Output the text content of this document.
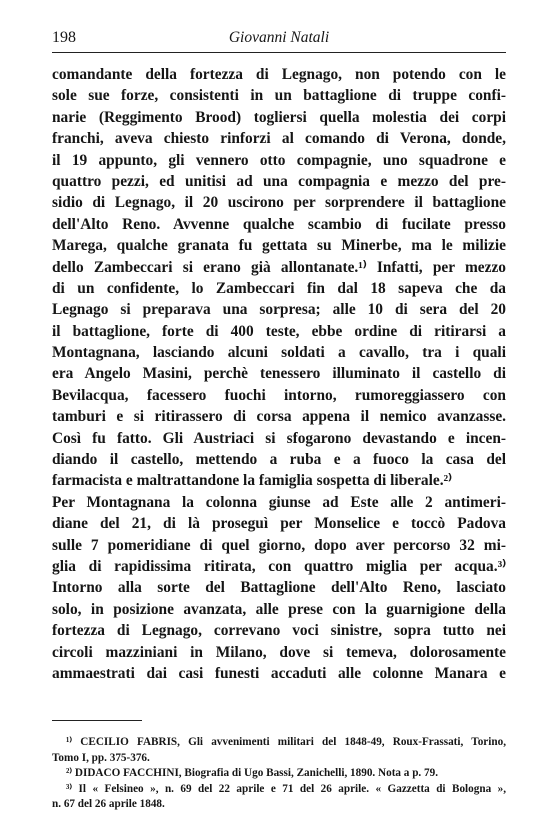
198	Giovanni Natali
comandante della fortezza di Legnago, non potendo con le
sole sue forze, consistenti in un battaglione di truppe confi-
narie (Reggimento Brood) togliersi quella molestia dei corpi
franchi, aveva chiesto rinforzi al comando di Verona, donde,
il 19 appunto, gli vennero otto compagnie, uno squadrone e
quattro pezzi, ed unitisi ad una compagnia e mezzo del pre-
sidio di Legnago, il 20 uscirono per sorprendere il battaglione
dell'Alto Reno. Avvenne qualche scambio di fucilate presso
Marega, qualche granata fu gettata su Minerbe, ma le milizie
dello Zambeccari si erano già allontanate.¹⁾ Infatti, per mezzo
di un confidente, lo Zambeccari fin dal 18 sapeva che da
Legnago si preparava una sorpresa; alle 10 di sera del 20
il battaglione, forte di 400 teste, ebbe ordine di ritirarsi a
Montagnana, lasciando alcuni soldati a cavallo, tra i quali
era Angelo Masini, perchè tenessero illuminato il castello di
Bevilacqua, facessero fuochi intorno, rumoreggiassero con
tamburi e si ritirassero di corsa appena il nemico avanzasse.
Così fu fatto. Gli Austriaci si sfogarono devastando e incen-
diando il castello, mettendo a ruba e a fuoco la casa del
farmacista e maltrattandone la famiglia sospetta di liberale.²⁾
Per Montagnana la colonna giunse ad Este alle 2 antimeri-
diane del 21, di là proseguì per Monselice e toccò Padova
sulle 7 pomeridiane di quel giorno, dopo aver percorso 32 mi-
glia di rapidissima ritirata, con quattro miglia per acqua.³⁾
Intorno alla sorte del Battaglione dell'Alto Reno, lasciato
solo, in posizione avanzata, alle prese con la guarnigione della
fortezza di Legnago, correvano voci sinistre, sopra tutto nei
circoli mazziniani in Milano, dove si temeva, dolorosamente
ammaestrati dai casi funesti accaduti alle colonne Manara e
¹⁾ CECILIO FABRIS, Gli avvenimenti militari del 1848-49, Roux-Frassati, Torino,
Tomo I, pp. 375-376.
²⁾ DIDACO FACCHINI, Biografia di Ugo Bassi, Zanichelli, 1890. Nota a p. 79.
³⁾ Il « Felsineo », n. 69 del 22 aprile e 71 del 26 aprile. « Gazzetta di Bologna »,
n. 67 del 26 aprile 1848.
